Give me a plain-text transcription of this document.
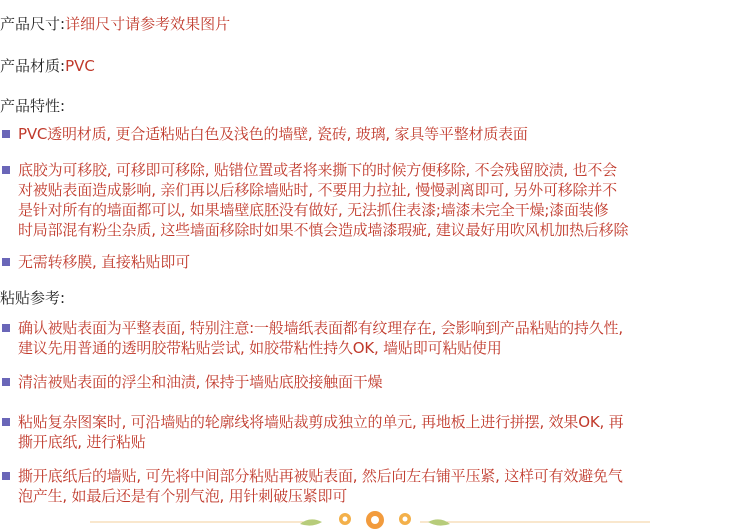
产品尺寸:详细尺寸请参考效果图片
产品材质:PVC
产品特性:
PVC透明材质, 更合适粘贴白色及浅色的墙壁, 瓷砖, 玻璃, 家具等平整材质表面
底胶为可移胶, 可移即可移除, 贴错位置或者将来撕下的时候方便移除, 不会残留胶渍, 也不会
对被贴表面造成影响, 亲们再以后移除墙贴时, 不要用力拉扯, 慢慢剥离即可, 另外可移除并不
是针对所有的墙面都可以, 如果墙壁底胚没有做好, 无法抓住表漆;墙漆未完全干燥;漆面装修
时局部混有粉尘杂质, 这些墙面移除时如果不慎会造成墙漆瑕疵, 建议最好用吹风机加热后移除
无需转移膜, 直接粘贴即可
粘贴参考:
确认被贴表面为平整表面, 特别注意:一般墙纸表面都有纹理存在, 会影响到产品粘贴的持久性,
建议先用普通的透明胶带粘贴尝试, 如胶带粘性持久OK, 墙贴即可粘贴使用
清洁被贴表面的浮尘和油渍, 保持于墙贴底胶接触面干燥
粘贴复杂图案时, 可沿墙贴的轮廓线将墙贴裁剪成独立的单元, 再地板上进行拼摆, 效果OK, 再
撕开底纸, 进行粘贴
撕开底纸后的墙贴, 可先将中间部分粘贴再被贴表面, 然后向左右铺平压紧, 这样可有效避免气
泡产生, 如最后还是有个别气泡, 用针刺破压紧即可
